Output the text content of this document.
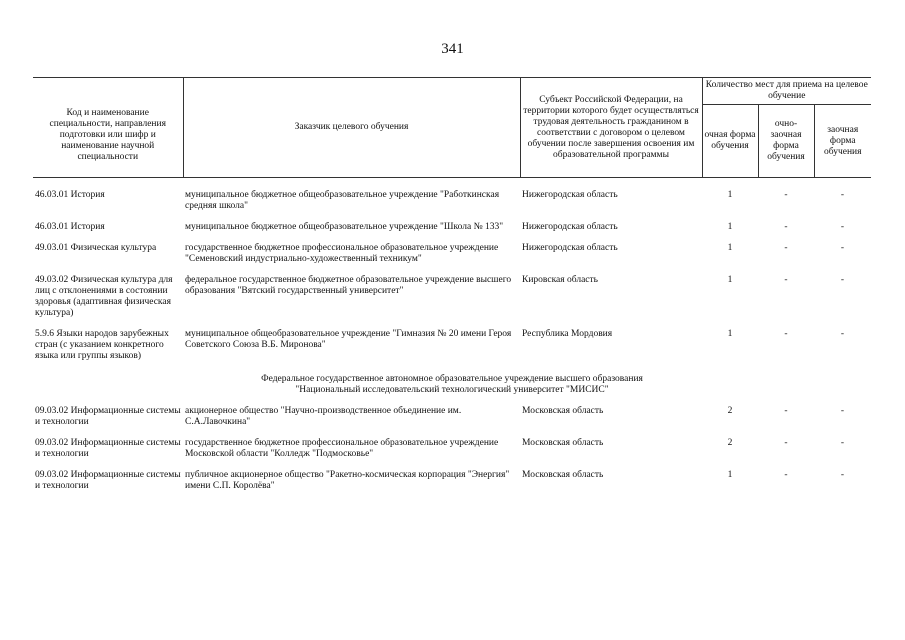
341
Код и наименование специальности, направления подготовки или шифр и наименование научной специальности	Заказчик целевого обучения	Субъект Российской Федерации, на территории которого будет осуществляться трудовая деятельность гражданином в соответствии с договором о целевом обучении после завершения освоения им образовательной программы	Количество мест для приема на целевое обучение		
			очная форма обучения	очно-заочная форма обучения	заочная форма обучения

46.03.01 История	муниципальное бюджетное общеобразовательное учреждение "Работкинская средняя школа"	Нижегородская область	1	-	-
46.03.01 История	муниципальное бюджетное общеобразовательное учреждение "Школа № 133"	Нижегородская область	1	-	-
49.03.01 Физическая культура	государственное бюджетное профессиональное образовательное учреждение "Семеновский индустриально-художественный техникум"	Нижегородская область	1	-	-
49.03.02 Физическая культура для лиц с отклонениями в состоянии здоровья (адаптивная физическая культура)	федеральное государственное бюджетное образовательное учреждение высшего образования "Вятский государственный университет"	Кировская область	1	-	-
5.9.6 Языки народов зарубежных стран (с указанием конкретного языка или группы языков)	муниципальное общеобразовательное учреждение "Гимназия № 20 имени Героя Советского Союза В.Б. Миронова"	Республика Мордовия	1	-	-

Федеральное государственное автономное образовательное учреждение высшего образования
"Национальный исследовательский технологический университет "МИСИС"					

09.03.02 Информационные системы и технологии	акционерное общество "Научно-производственное объединение им. С.А.Лавочкина"	Московская область	2	-	-
09.03.02 Информационные системы и технологии	государственное бюджетное профессиональное образовательное учреждение Московской области "Колледж "Подмосковье"	Московская область	2	-	-
09.03.02 Информационные системы и технологии	публичное акционерное общество "Ракетно-космическая корпорация "Энергия" имени С.П. Королёва"	Московская область	1	-	-
